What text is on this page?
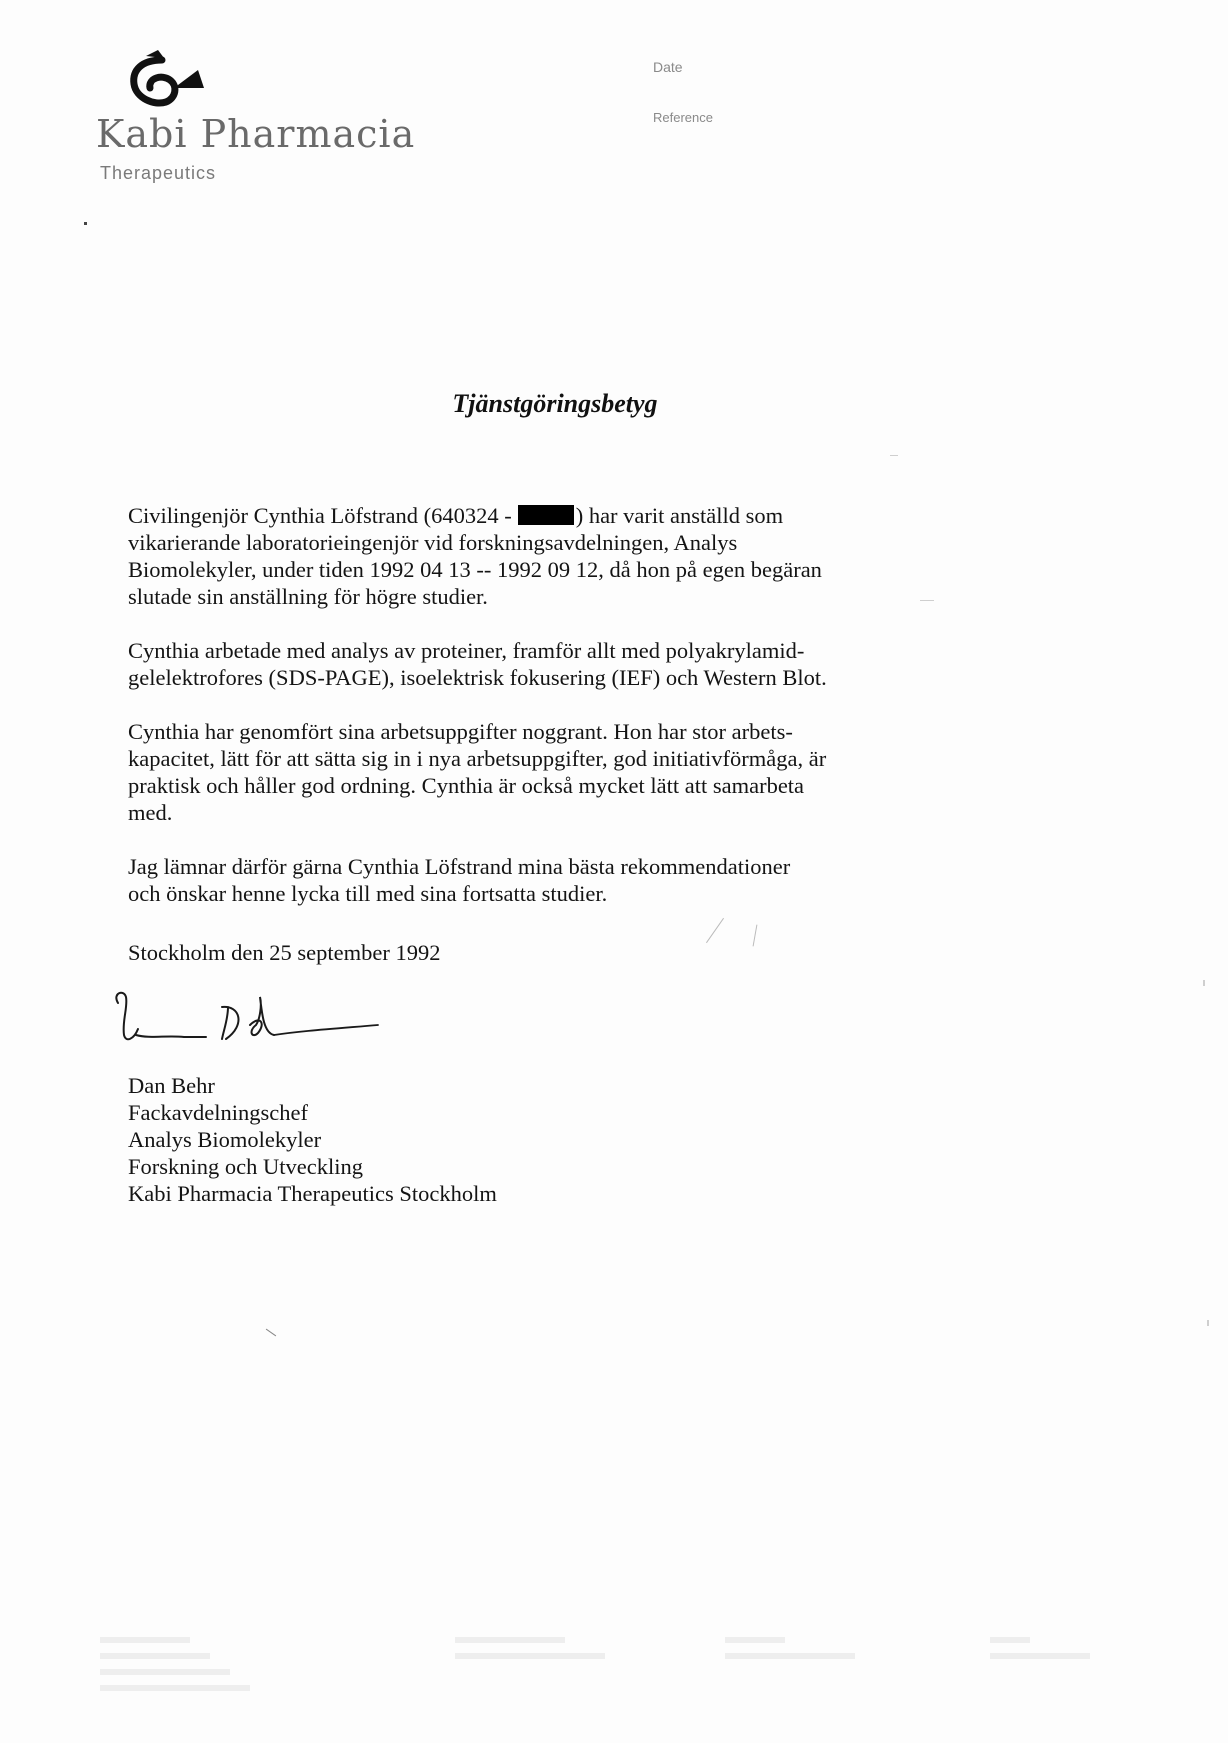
Kabi Pharmacia
Therapeutics
Date
Reference
Tjänstgöringsbetyg

Civilingenjör Cynthia Löfstrand (640324 -	) har varit anställd som
vikarierande laboratorieingenjör vid forskningsavdelningen, Analys
Biomolekyler, under tiden 1992 04 13 -- 1992 09 12, då hon på egen begäran
slutade sin anställning för högre studier.

Cynthia arbetade med analys av proteiner, framför allt med polyakrylamid-
gelelektrofores (SDS-PAGE), isoelektrisk fokusering (IEF) och Western Blot.

Cynthia har genomfört sina arbetsuppgifter noggrant. Hon har stor arbets-
kapacitet, lätt för att sätta sig in i nya arbetsuppgifter, god initiativförmåga, är
praktisk och håller god ordning. Cynthia är också mycket lätt att samarbeta
med.

Jag lämnar därför gärna Cynthia Löfstrand mina bästa rekommendationer
och önskar henne lycka till med sina fortsatta studier.

Stockholm den 25 september 1992
Dan Behr
Fackavdelningschef
Analys Biomolekyler
Forskning och Utveckling
Kabi Pharmacia Therapeutics Stockholm
